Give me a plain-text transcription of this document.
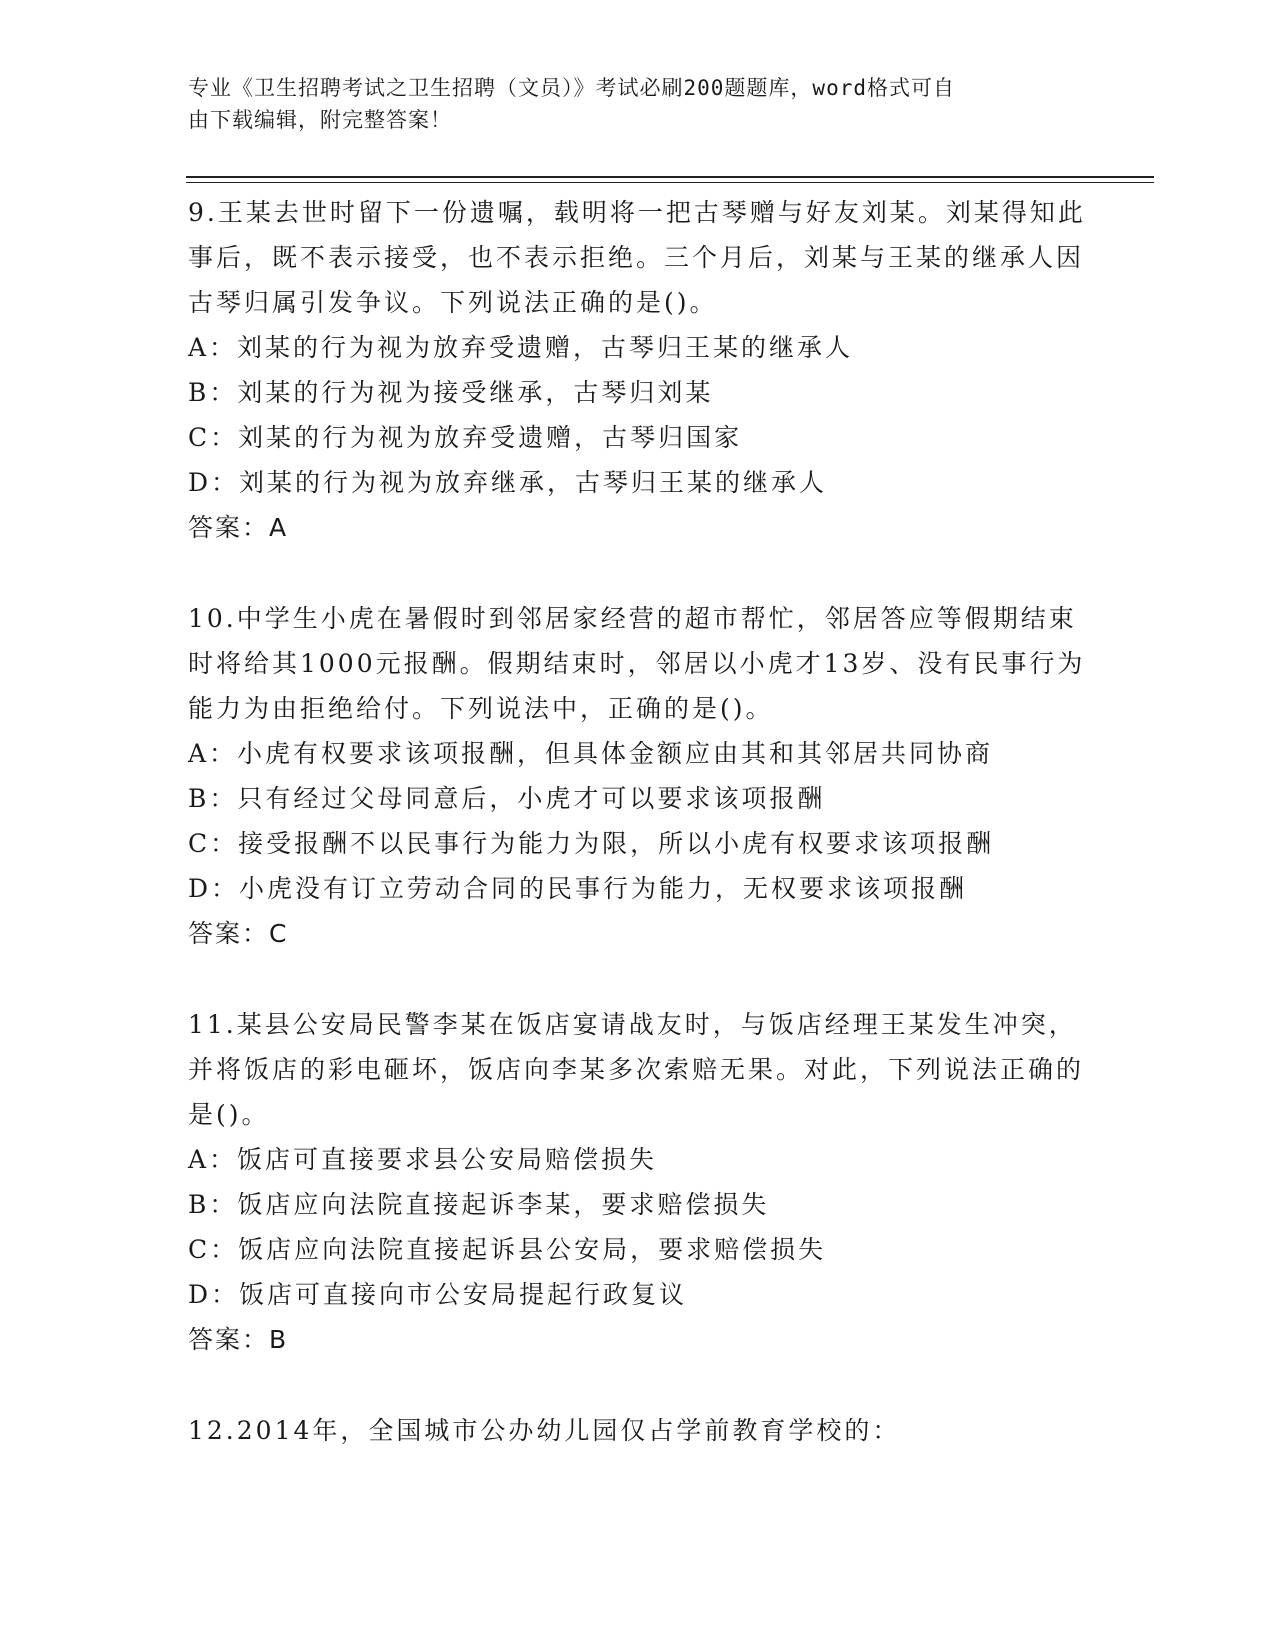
专业《卫生招聘考试之卫生招聘（文员）》考试必刷200题题库，word格式可自
由下载编辑，附完整答案！
9.王某去世时留下一份遗嘱，载明将一把古琴赠与好友刘某。刘某得知此事后，既不表示接受，也不表示拒绝。三个月后，刘某与王某的继承人因古琴归属引发争议。下列说法正确的是()。
A：刘某的行为视为放弃受遗赠，古琴归王某的继承人
B：刘某的行为视为接受继承，古琴归刘某
C：刘某的行为视为放弃受遗赠，古琴归国家
D：刘某的行为视为放弃继承，古琴归王某的继承人
答案：A
10.中学生小虎在暑假时到邻居家经营的超市帮忙，邻居答应等假期结束时将给其1000元报酬。假期结束时，邻居以小虎才13岁、没有民事行为能力为由拒绝给付。下列说法中，正确的是()。
A：小虎有权要求该项报酬，但具体金额应由其和其邻居共同协商
B：只有经过父母同意后，小虎才可以要求该项报酬
C：接受报酬不以民事行为能力为限，所以小虎有权要求该项报酬
D：小虎没有订立劳动合同的民事行为能力，无权要求该项报酬
答案：C
11.某县公安局民警李某在饭店宴请战友时，与饭店经理王某发生冲突，并将饭店的彩电砸坏，饭店向李某多次索赔无果。对此，下列说法正确的是()。
A：饭店可直接要求县公安局赔偿损失
B：饭店应向法院直接起诉李某，要求赔偿损失
C：饭店应向法院直接起诉县公安局，要求赔偿损失
D：饭店可直接向市公安局提起行政复议
答案：B
12.2014年，全国城市公办幼儿园仅占学前教育学校的：
